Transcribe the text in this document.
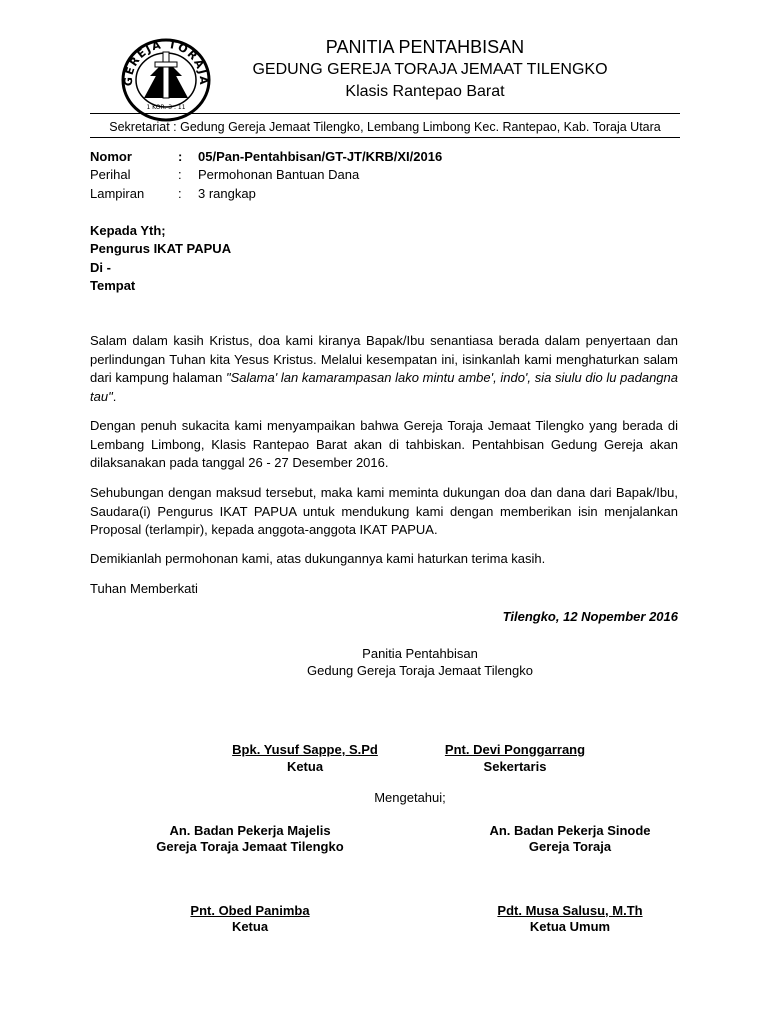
GEREJA TORAJA
1 KOR. 3 : 11
PANITIA PENTAHBISAN
GEDUNG GEREJA TORAJA JEMAAT TILENGKO
Klasis Rantepao Barat
Sekretariat : Gedung Gereja Jemaat Tilengko, Lembang Limbong Kec. Rantepao, Kab. Toraja Utara
Nomor	: 05/Pan-Pentahbisan/GT-JT/KRB/XI/2016
Perihal	: Permohonan Bantuan Dana
Lampiran	: 3 rangkap
Kepada Yth;
Pengurus IKAT PAPUA
Di -
Tempat

Salam dalam kasih Kristus, doa kami kiranya Bapak/Ibu senantiasa berada dalam penyertaan dan perlindungan Tuhan kita Yesus Kristus. Melalui kesempatan ini, isinkanlah kami menghaturkan salam dari kampung halaman "Salama' lan kamarampasan lako mintu ambe', indo', sia siulu dio lu padangna tau".

Dengan penuh sukacita kami menyampaikan bahwa Gereja Toraja Jemaat Tilengko yang berada di Lembang Limbong, Klasis Rantepao Barat akan di tahbiskan. Pentahbisan Gedung Gereja akan dilaksanakan pada tanggal 26 - 27 Desember 2016.

Sehubungan dengan maksud tersebut, maka kami meminta dukungan doa dan dana dari Bapak/Ibu, Saudara(i) Pengurus IKAT PAPUA untuk mendukung kami dengan memberikan isin menjalankan Proposal (terlampir), kepada anggota-anggota IKAT PAPUA.

Demikianlah permohonan kami, atas dukungannya kami haturkan terima kasih.
Tuhan Memberkati
Tilengko, 12 Nopember 2016
Panitia Pentahbisan
Gedung Gereja Toraja Jemaat Tilengko
Bpk. Yusuf Sappe, S.Pd
Ketua
Pnt. Devi Ponggarrang
Sekertaris
Mengetahui;
An. Badan Pekerja Majelis
Gereja Toraja Jemaat Tilengko
An. Badan Pekerja Sinode
Gereja Toraja
Pnt. Obed Panimba
Ketua
Pdt. Musa Salusu, M.Th
Ketua Umum
